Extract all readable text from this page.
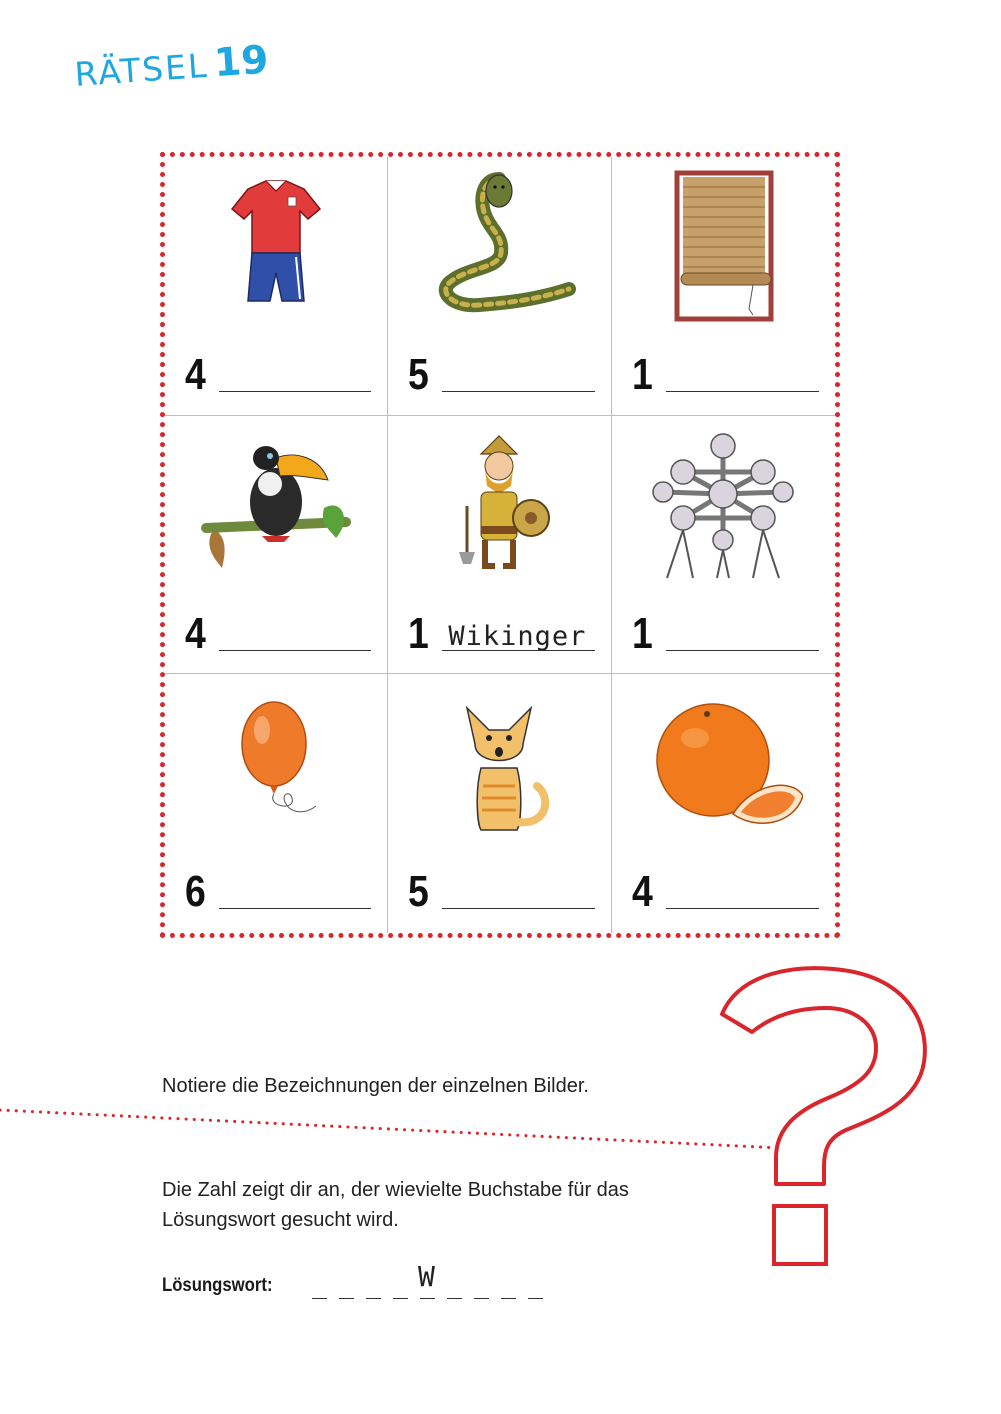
RÄTSEL19
4	5	1
4	1 Wikinger 1
6	5	4
Notiere die Bezeichnungen der einzelnen Bilder.
Die Zahl zeigt dir an, der wievielte Buchstabe für das Lösungswort gesucht wird.
Lösungswort:	W
